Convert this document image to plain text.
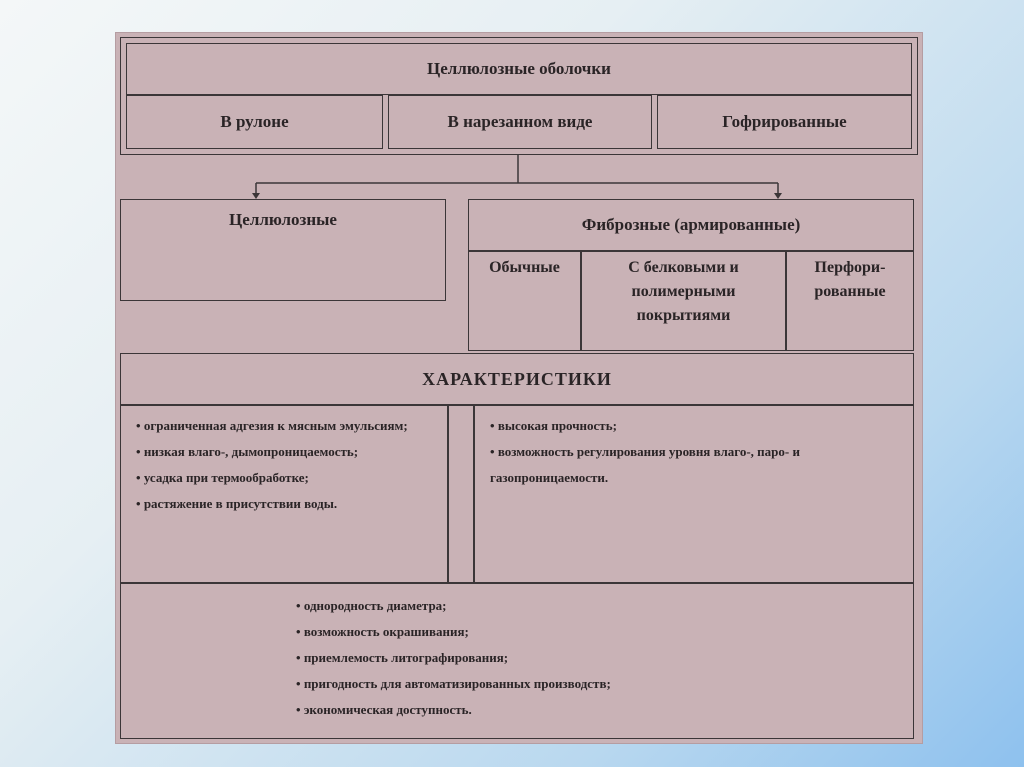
Целлюлозные оболочки
В рулоне	В нарезанном виде	Гофрированные
Целлюлозные	Фиброзные (армированные)
Обычные	С белковыми и полимерными покрытиями
Перфори-рованные
ХАРАКТЕРИСТИКИ
• ограниченная адгезия к мясным эмульсиям;
• низкая влаго-, дымопроницаемость;
• усадка при термообработке;
• растяжение в присутствии воды.
• высокая прочность;
• возможность регулирования уровня влаго-, паро- и газопроницаемости.
• однородность диаметра;
• возможность окрашивания;
• приемлемость литографирования;
• пригодность для автоматизированных производств;
• экономическая доступность.
